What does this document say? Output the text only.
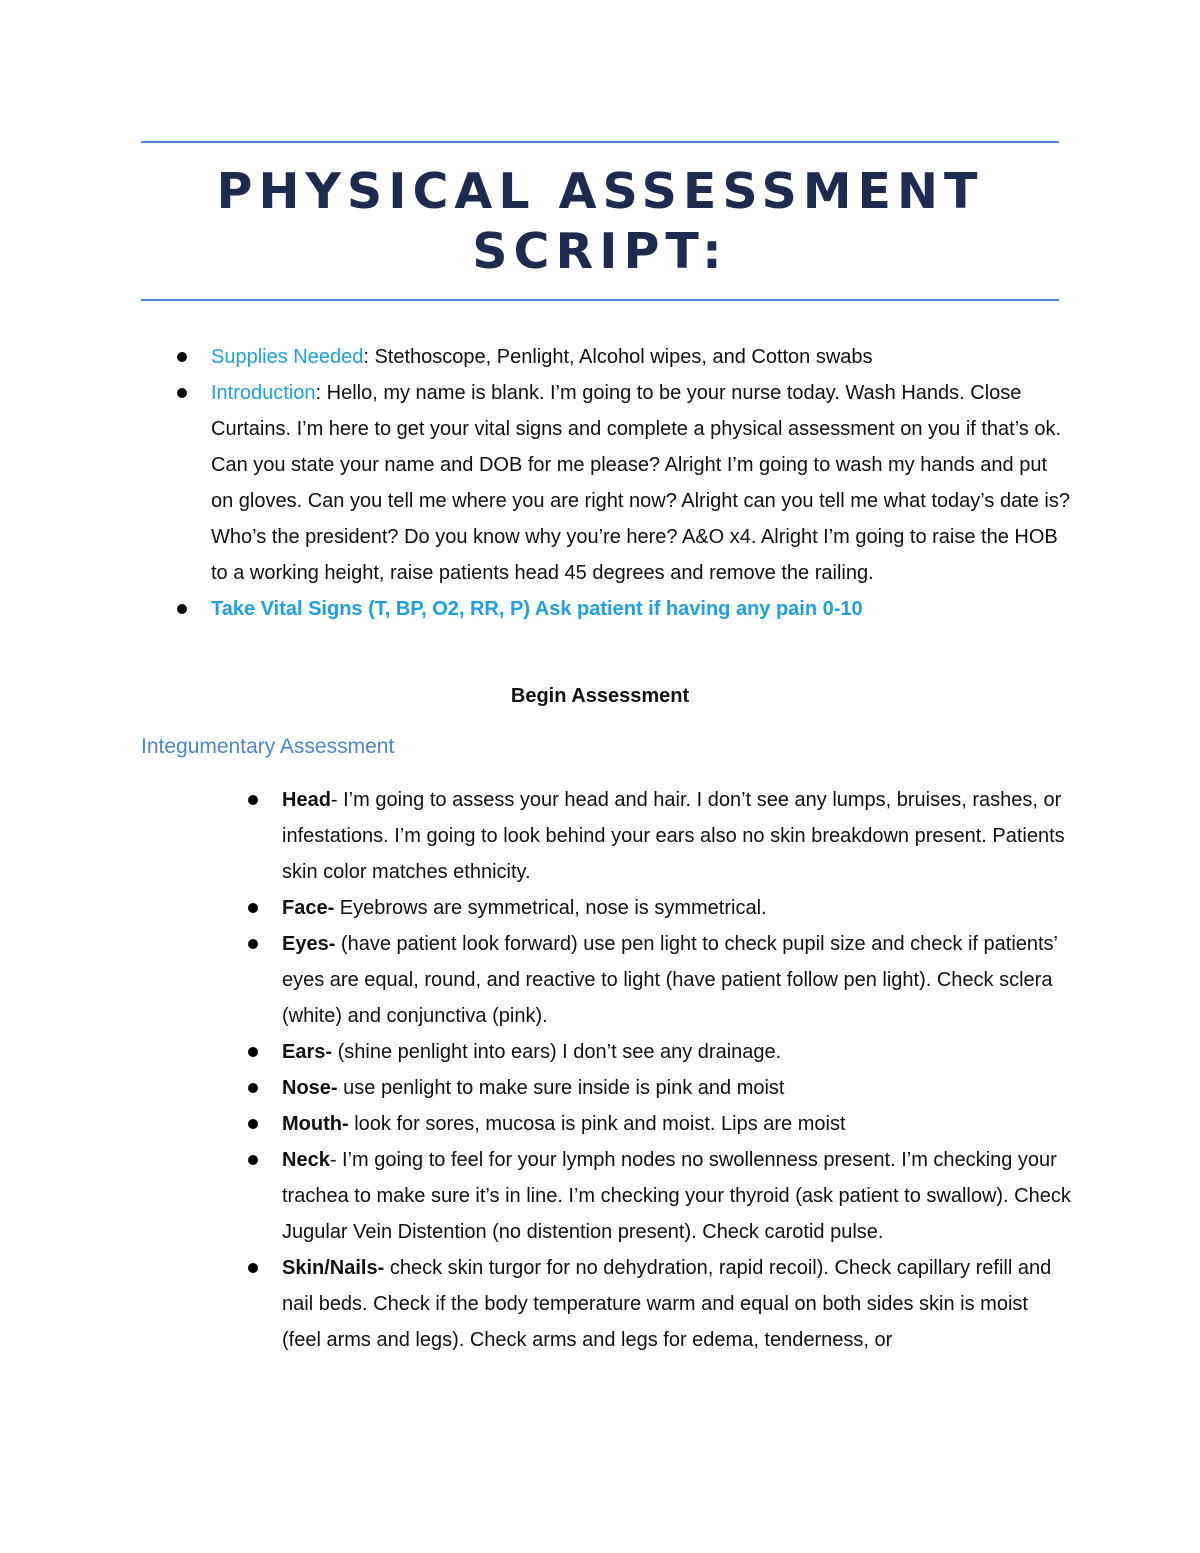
PHYSICAL ASSESSMENT
SCRIPT:
Supplies Needed: Stethoscope, Penlight, Alcohol wipes, and Cotton swabs
Introduction: Hello, my name is blank. I’m going to be your nurse today. Wash Hands. Close Curtains. I’m here to get your vital signs and complete a physical assessment on you if that’s ok. Can you state your name and DOB for me please? Alright I’m going to wash my hands and put on gloves. Can you tell me where you are right now? Alright can you tell me what today’s date is? Who’s the president? Do you know why you’re here? A&O x4. Alright I’m going to raise the HOB to a working height, raise patients head 45 degrees and remove the railing.
Take Vital Signs (T, BP, O2, RR, P) Ask patient if having any pain 0-10
Begin Assessment
Integumentary Assessment
Head- I’m going to assess your head and hair. I don’t see any lumps, bruises, rashes, or infestations. I’m going to look behind your ears also no skin breakdown present. Patients skin color matches ethnicity.
Face- Eyebrows are symmetrical, nose is symmetrical.
Eyes- (have patient look forward) use pen light to check pupil size and check if patients’ eyes are equal, round, and reactive to light (have patient follow pen light). Check sclera (white) and conjunctiva (pink).
Ears- (shine penlight into ears) I don’t see any drainage.
Nose- use penlight to make sure inside is pink and moist
Mouth- look for sores, mucosa is pink and moist. Lips are moist
Neck- I’m going to feel for your lymph nodes no swollenness present. I’m checking your trachea to make sure it’s in line. I’m checking your thyroid (ask patient to swallow). Check Jugular Vein Distention (no distention present). Check carotid pulse.
Skin/Nails- check skin turgor for no dehydration, rapid recoil). Check capillary refill and nail beds. Check if the body temperature warm and equal on both sides skin is moist (feel arms and legs). Check arms and legs for edema, tenderness, or
